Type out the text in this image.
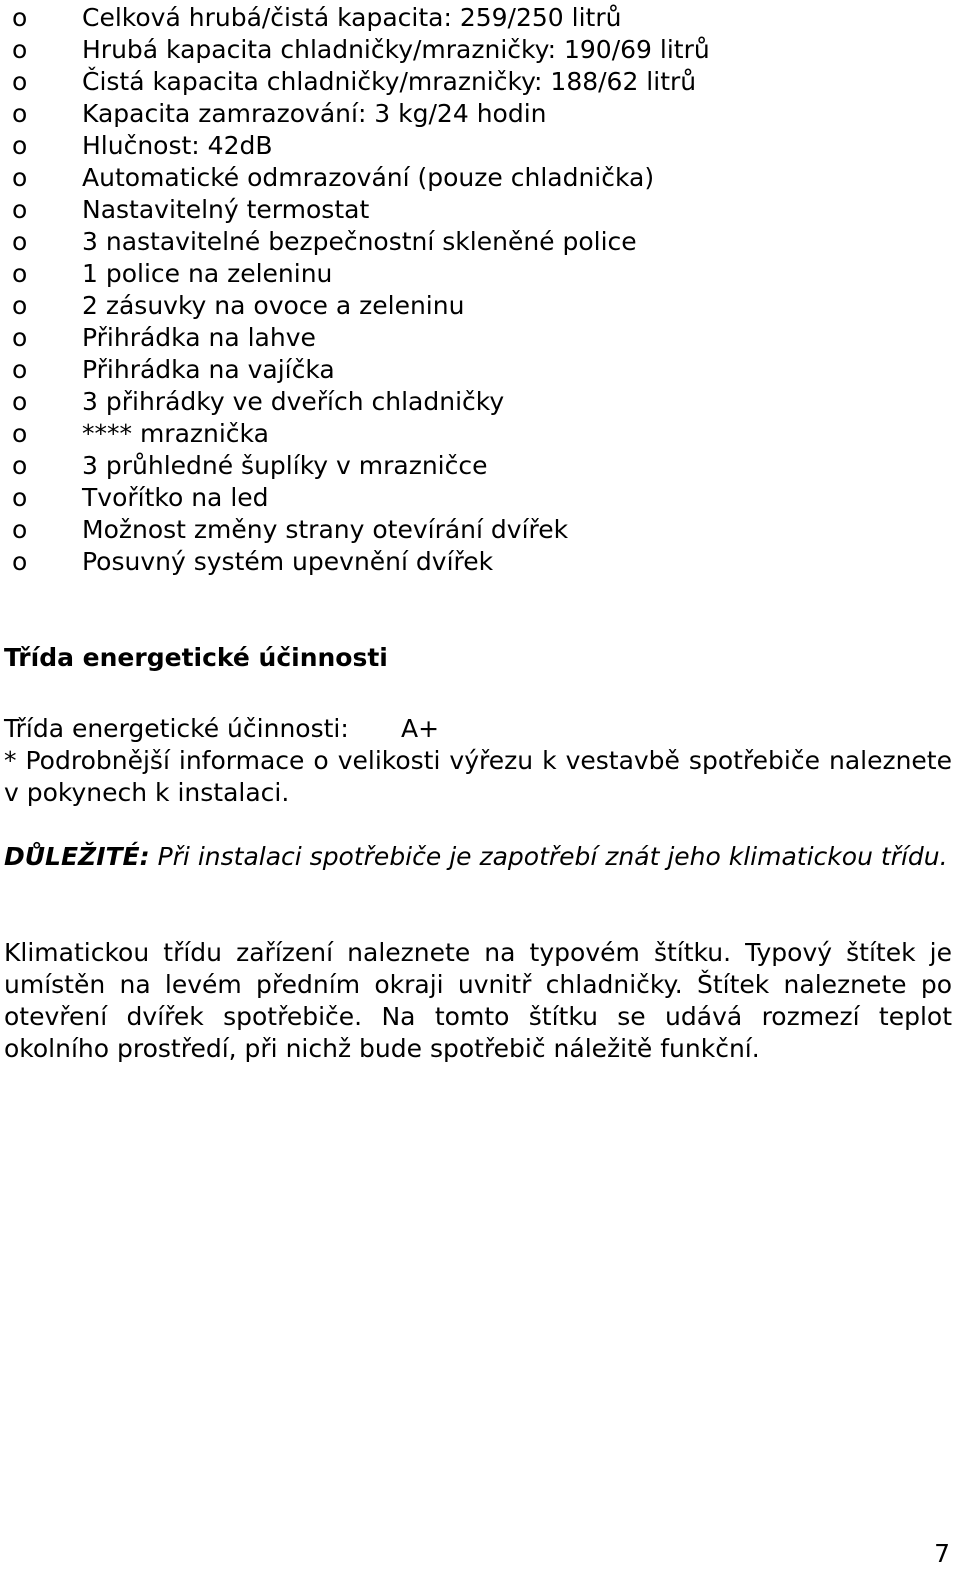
o Celková hrubá/čistá kapacita: 259/250 litrů
o Hrubá kapacita chladničky/mrazničky: 190/69 litrů
o Čistá kapacita chladničky/mrazničky: 188/62 litrů
o Kapacita zamrazování: 3 kg/24 hodin
o Hlučnost: 42dB
o Automatické odmrazování (pouze chladnička)
o Nastavitelný termostat
o 3 nastavitelné bezpečnostní skleněné police
o 1 police na zeleninu
o 2 zásuvky na ovoce a zeleninu
o Přihrádka na lahve
o Přihrádka na vajíčka
o 3 přihrádky ve dveřích chladničky
o **** mraznička
o 3 průhledné šuplíky v mrazničce
o Tvořítko na led
o Možnost změny strany otevírání dvířek
o Posuvný systém upevnění dvířek
Třída energetické účinnosti

Třída energetické účinnosti: A+

* Podrobnější informace o velikosti výřezu k vestavbě spotřebiče naleznete v pokynech k instalaci.

DŮLEŽITÉ: Při instalaci spotřebiče je zapotřebí znát jeho klimatickou třídu.

Klimatickou třídu zařízení naleznete na typovém štítku. Typový štítek je umístěn na levém předním okraji uvnitř chladničky. Štítek naleznete po otevření dvířek spotřebiče. Na tomto štítku se udává rozmezí teplot okolního prostředí, při nichž bude spotřebič náležitě funkční.

7
